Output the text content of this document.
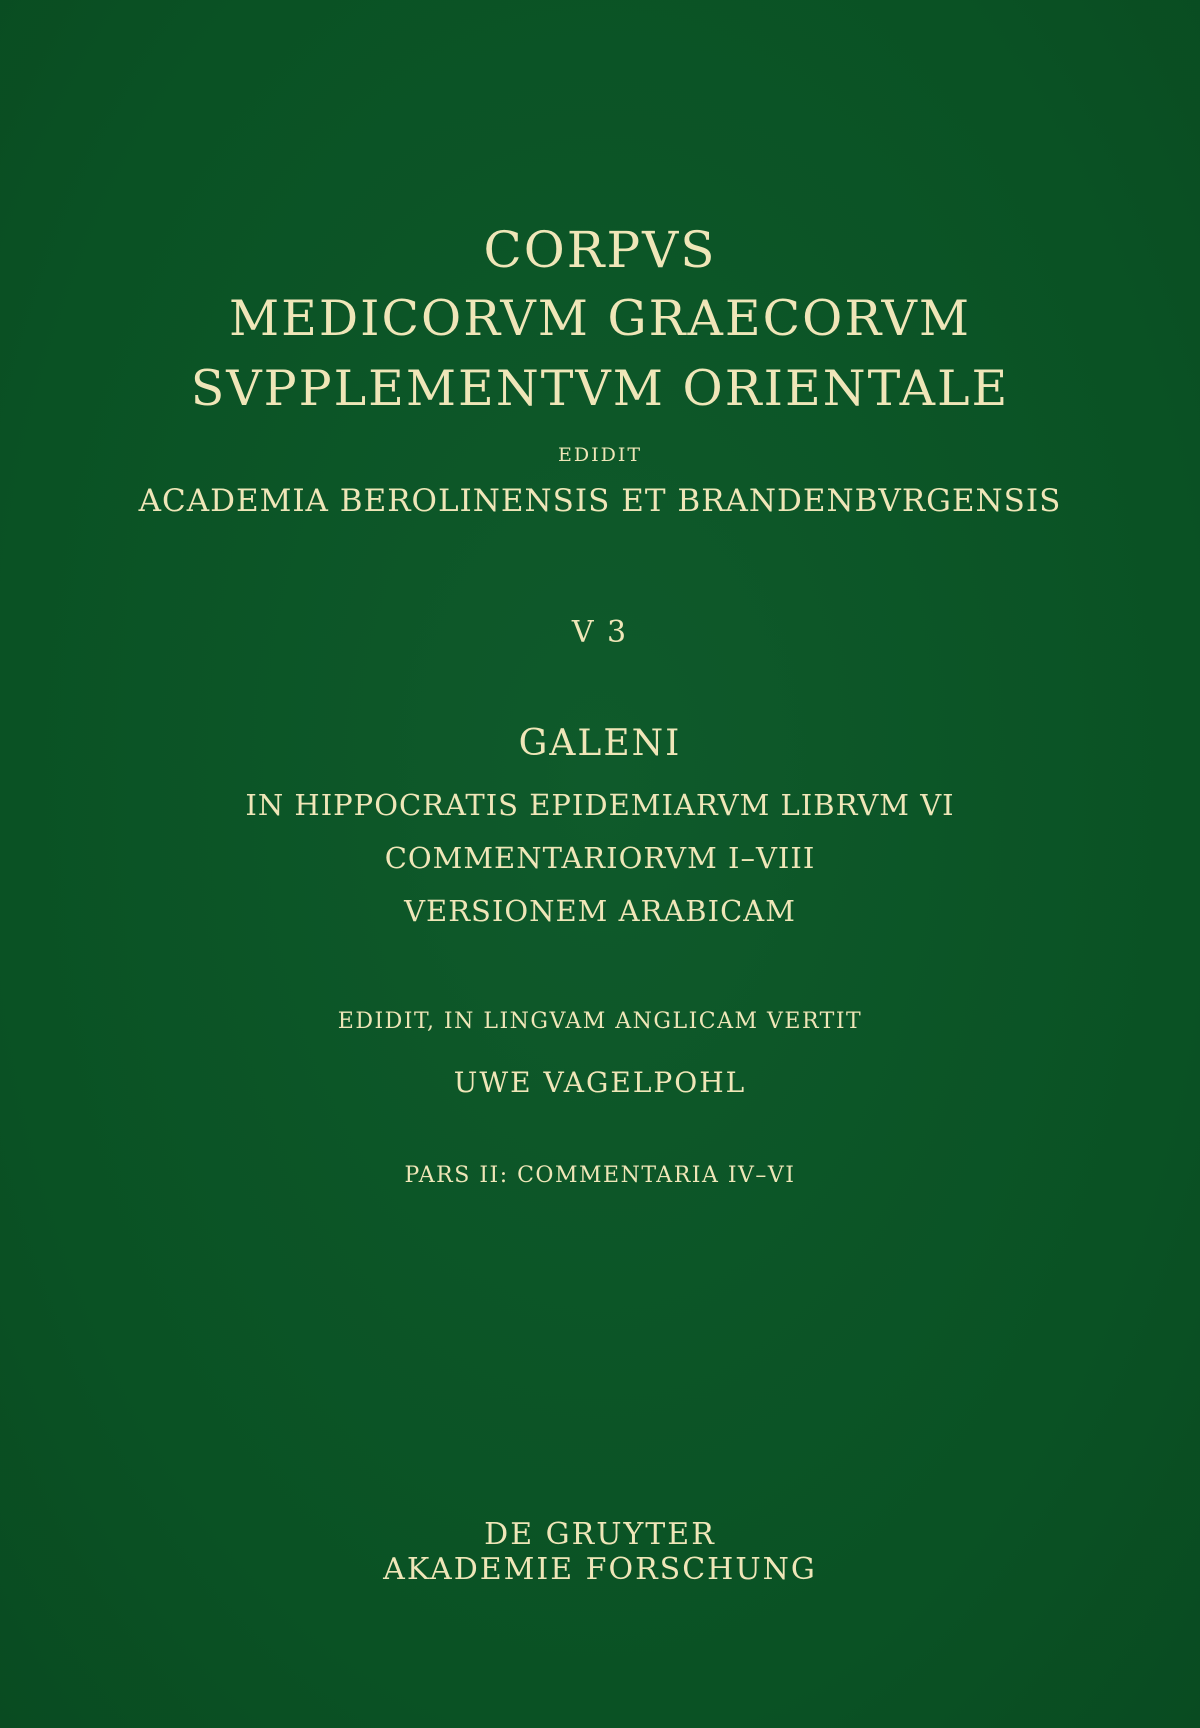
CORPVS
MEDICORVM GRAECORVM
SVPPLEMENTVM ORIENTALE
EDIDIT
ACADEMIA BEROLINENSIS ET BRANDENBVRGENSIS
V 3
GALENI
IN HIPPOCRATIS EPIDEMIARVM LIBRVM VI
COMMENTARIORVM I–VIII
VERSIONEM ARABICAM
EDIDIT, IN LINGVAM ANGLICAM VERTIT
UWE VAGELPOHL
PARS II: COMMENTARIA IV–VI
DE GRUYTER
AKADEMIE FORSCHUNG
